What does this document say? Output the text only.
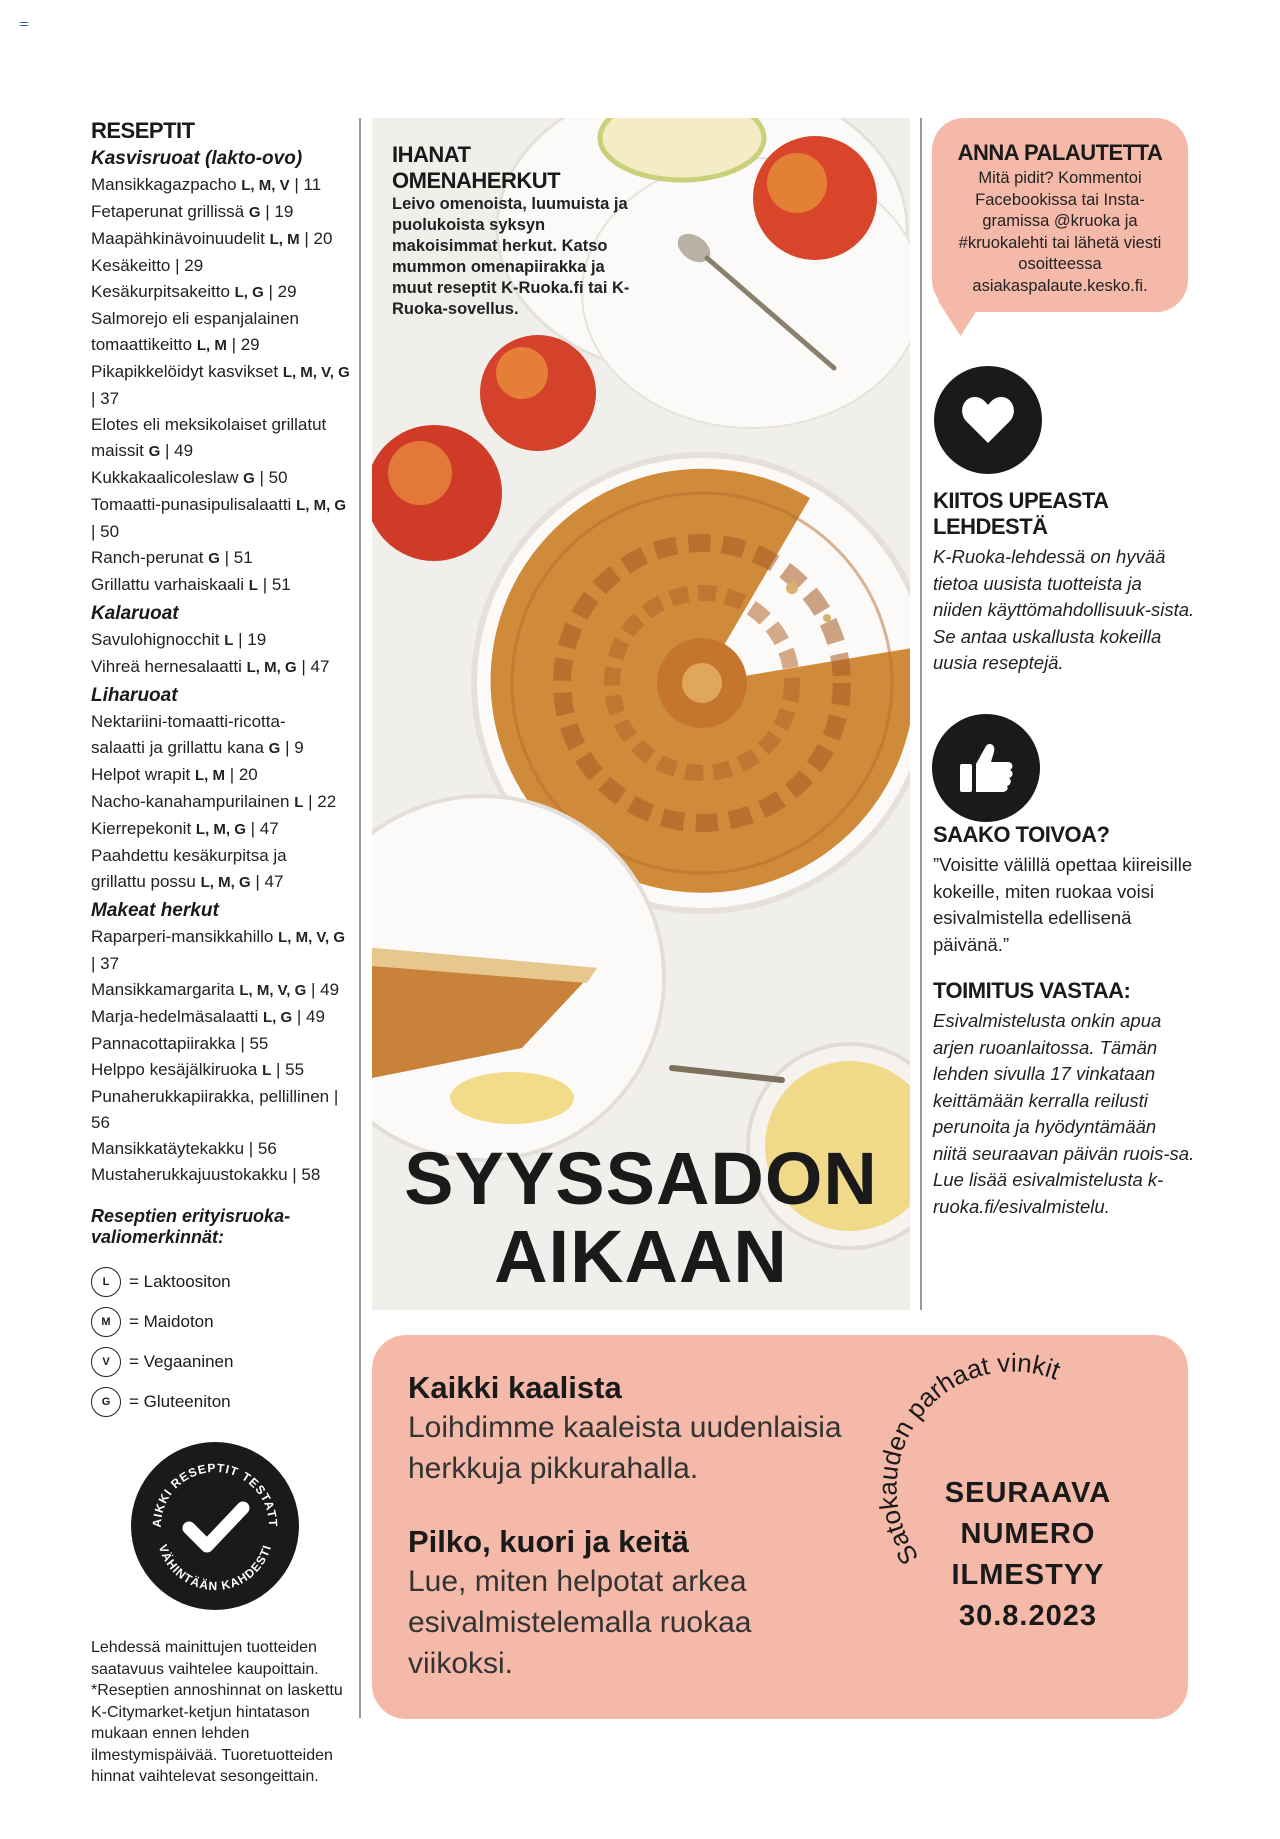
RESEPTIT
Kasvisruoat (lakto-ovo)
Mansikkagazpacho L, M, V | 11
Fetaperunat grillissä G | 19
Maapähkinävoinuudelit L, M | 20
Kesäkeitto | 29
Kesäkurpitsakeitto L, G | 29
Salmorejo eli espanjalainen
tomaattikeitto L, M | 29
Pikapikkelöidyt kasvikset L, M, V, G
| 37
Elotes eli meksikolaiset grillatut
maissit G | 49
Kukkakaalicoleslaw G | 50
Tomaatti-punasipulisalaatti L, M, G
| 50
Ranch-perunat G | 51
Grillattu varhaiskaali L | 51
Kalaruoat
Savulohignocchit L | 19
Vihreä hernesalaatti L, M, G | 47
Liharuoat
Nektariini-tomaatti-ricotta-
salaatti ja grillattu kana G | 9
Helpot wrapit L, M | 20
Nacho-kanahampurilainen L | 22
Kierrepekonit L, M, G | 47
Paahdettu kesäkurpitsa ja
grillattu possu L, M, G | 47
Makeat herkut
Raparperi-mansikkahillo L, M, V, G
| 37
Mansikkamargarita L, M, V, G | 49
Marja-hedelmäsalaatti L, G | 49
Pannacottapiirakka | 55
Helppo kesäjälkiruoka L | 55
Punaherukkapiirakka, pellillinen | 56
Mansikkatäytekakku | 56
Mustaherukkajuustokakku | 58
Reseptien erityisruoka-valiomerkinnät:
L	= Laktoositon
M	= Maidoton
V	= Vegaaninen
G	= Gluteeniton
AIKKI RESEPTIT TESTATT
VÄHINTÄÄN KAHDESTI
Lehdessä mainittujen tuotteiden saatavuus vaihtelee kaupoittain. *Reseptien annoshinnat on laskettu K-Citymarket-ketjun hintatason mukaan ennen lehden ilmestymispäivää. Tuoretuotteiden hinnat vaihtelevat sesongeittain.
IHANAT OMENAHERKUT

Leivo omenoista, luumuista ja puolukoista syksyn makoisimmat herkut. Katso mummon omenapiirakka ja muut reseptit K-Ruoka.fi tai K-Ruoka-sovellus.

SYYSSADON
AIKAAN
ANNA PALAUTETTA

Mitä pidit? Kommentoi Facebookissa tai Insta-gramissa @kruoka ja #kruokalehti tai lähetä viesti osoitteessa asiakaspalaute.kesko.fi.

KIITOS UPEASTA LEHDESTÄ
K-Ruoka-lehdessä on hyvää tietoa uusista tuotteista ja niiden käyttömahdollisuuk-sista. Se antaa uskallusta kokeilla uusia reseptejä.
SAAKO TOIVOA?
”Voisitte välillä opettaa kiireisille kokeille, miten ruokaa voisi esivalmistella edellisenä päivänä.”
TOIMITUS VASTAA:
Esivalmistelusta onkin apua arjen ruoanlaitossa. Tämän lehden sivulla 17 vinkataan keittämään kerralla reilusti perunoita ja hyödyntämään niitä seuraavan päivän ruois-sa. Lue lisää esivalmistelusta k-ruoka.fi/esivalmistelu.
Kaikki kaalista
Loihdimme kaaleista uudenlaisia herkkuja pikkurahalla.
Pilko, kuori ja keitä
Lue, miten helpotat arkea esivalmistelemalla ruokaa viikoksi.
Satokauden parhaat vinkit
SEURAAVA
NUMERO
ILMESTYY
30.8.2023
